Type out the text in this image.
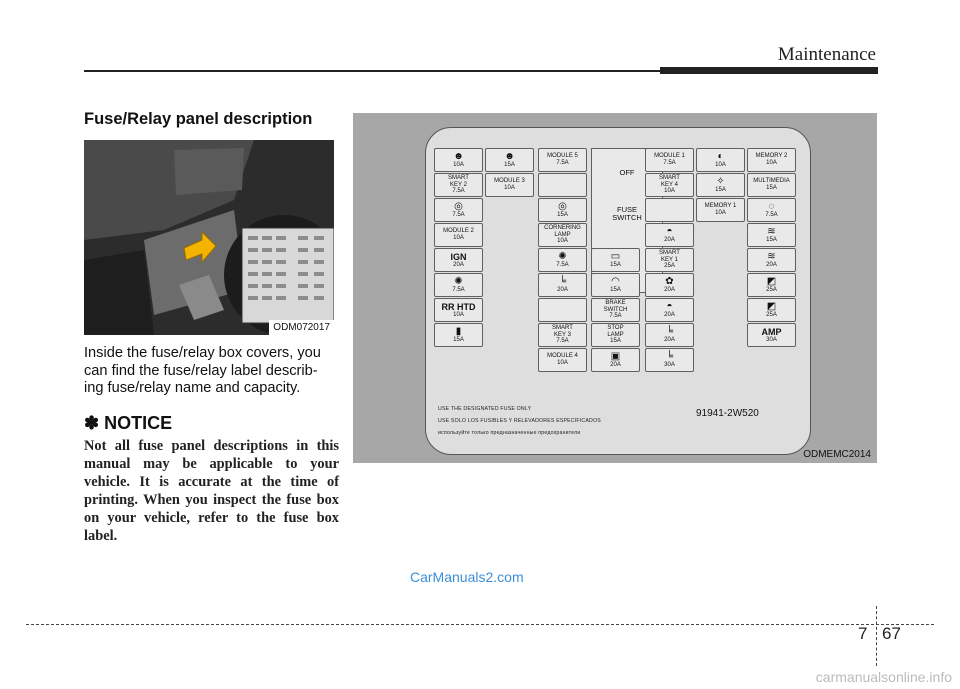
Maintenance
Fuse/Relay panel description
ODM072017
Inside the fuse/relay box covers, you can find the fuse/relay label describ-ing fuse/relay name and capacity.
✽ NOTICE
Not all fuse panel descriptions in this manual may be applicable to your vehicle. It is accurate at the time of printing. When you inspect the fuse box on your vehicle, refer to the fuse box label.
OFF
FUSE
SWITCH
91941-2W520
USE THE DESIGNATED FUSE ONLY
USE SOLO LOS FUSIBLES Y RELEVADORES ESPECIFICADOS
используйте только предназначенные предохранители
☻
10A
SMART
KEY 2
7.5A
◎
7.5A
MODULE 2
10A
IGN
20A
✺
7.5A
RR HTD
10A
▮
15A
☻
15A
MODULE 3
10A
MODULE 5
7.5A
◎
15A
CORNERING
LAMP
10A
✺
7.5A
╘
20A
SMART
KEY 3
7.5A
MODULE 4
10A
▭
15A
◠
15A
BRAKE
SWITCH
7.5A
STOP
LAMP
15A
▣
20A
MODULE 1
7.5A
SMART
KEY 4
10A
◓
20A
SMART
KEY 1
25A
✿
20A
◓
20A
╘
20A
╘
30A
◐
10A
✧
15A
MEMORY 1
10A
MEMORY 2
10A
MULTIMEDIA
15A
◌
7.5A
≋
15A
≋
20A
◩
25A
◩
25A
AMP
30A
ODMEMC2014
CarManuals2.com
7 67
carmanualsonline.info
